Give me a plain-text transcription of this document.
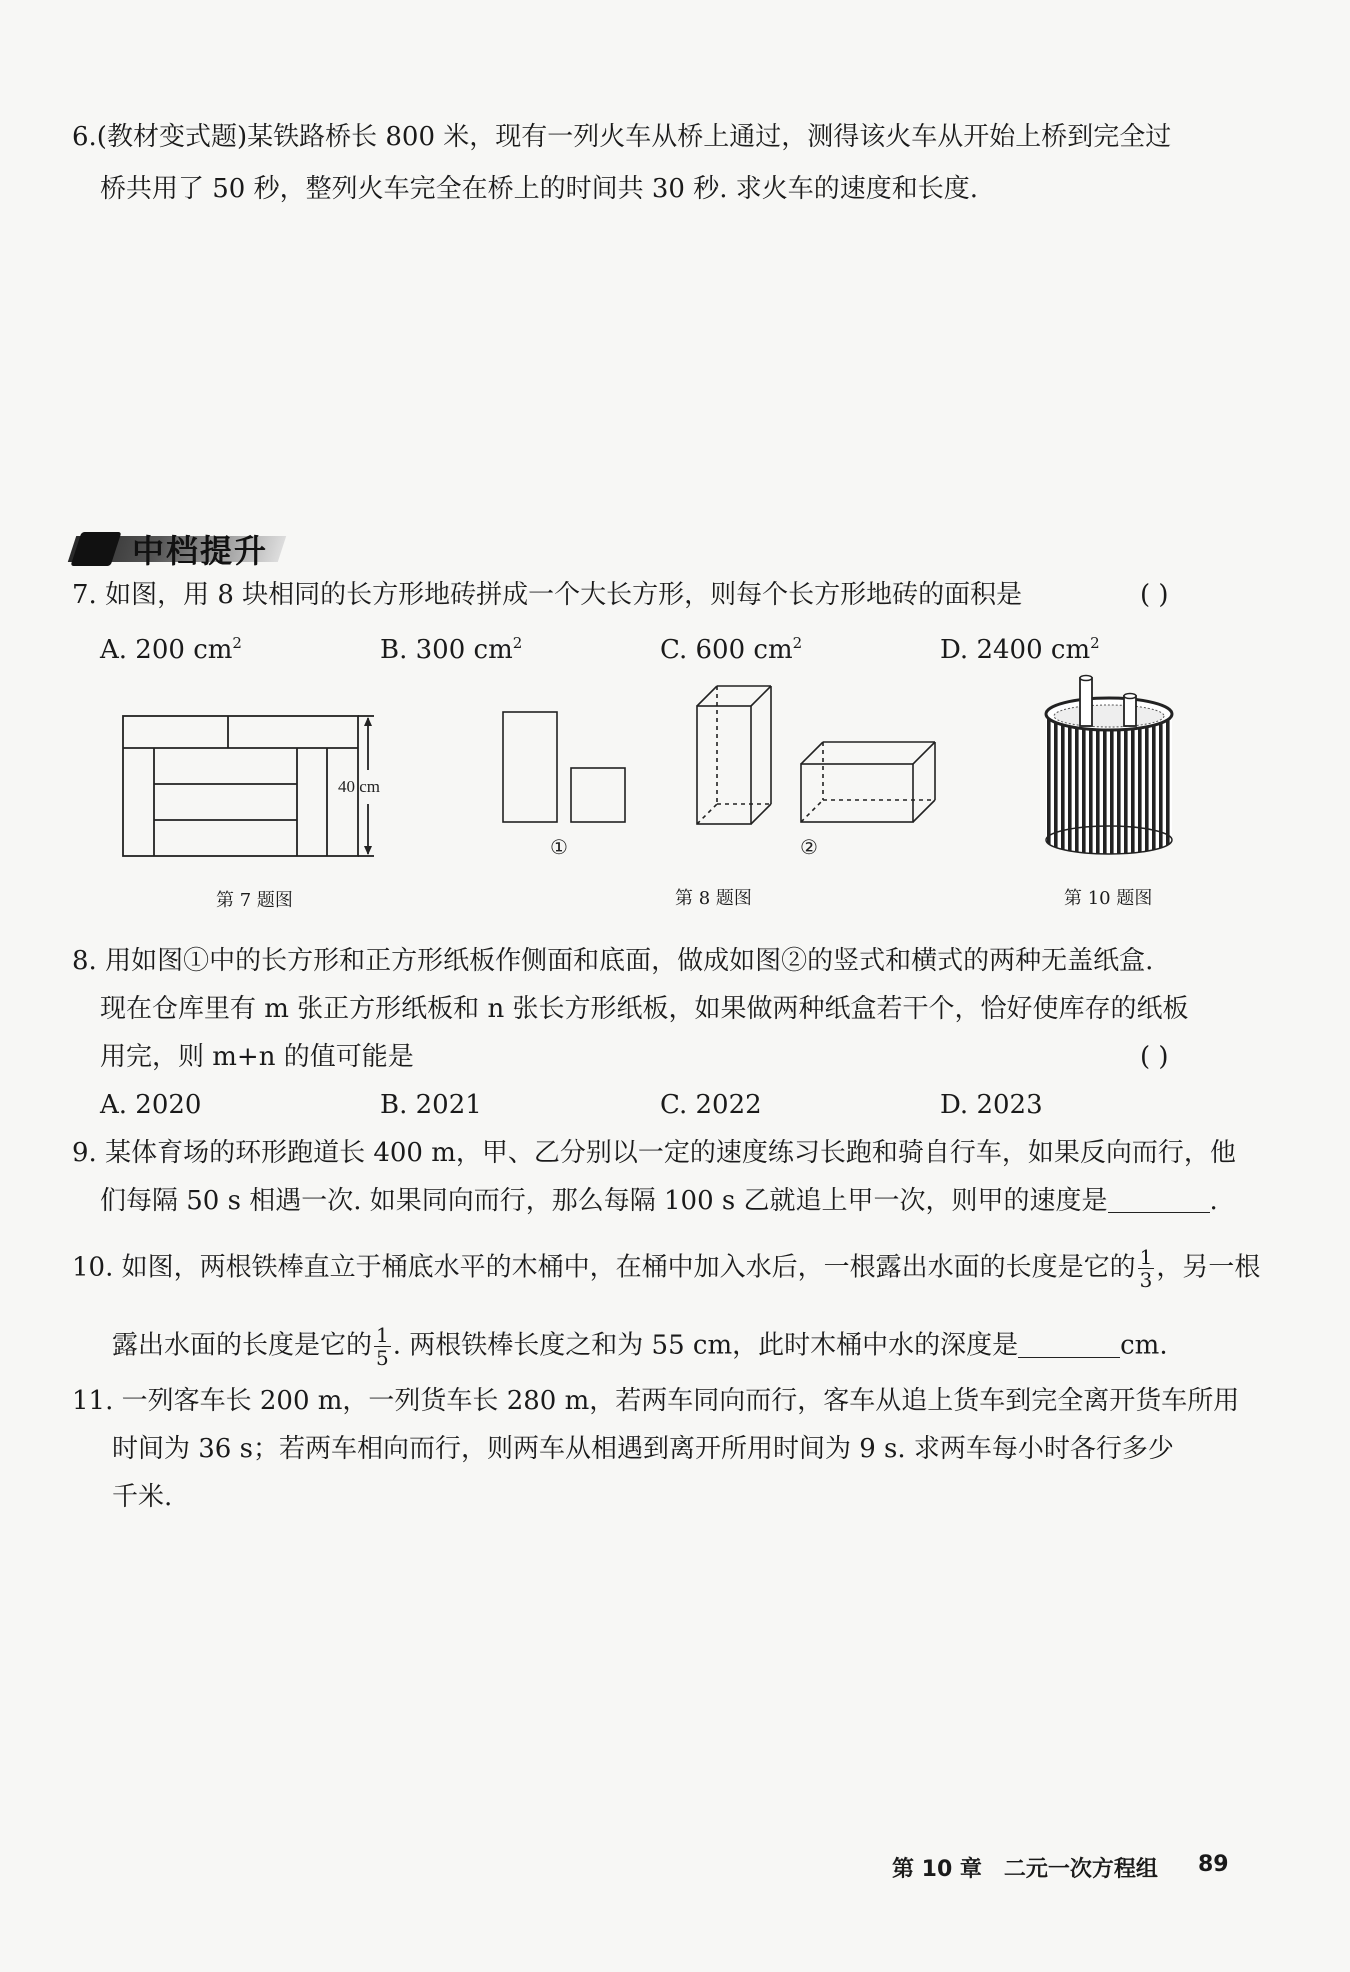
6.(教材变式题)某铁路桥长 800 米，现有一列火车从桥上通过，测得该火车从开始上桥到完全过
桥共用了 50 秒，整列火车完全在桥上的时间共 30 秒. 求火车的速度和长度.
中档提升
7. 如图，用 8 块相同的长方形地砖拼成一个大长方形，则每个长方形地砖的面积是	( )
A. 200 $cm^2$	B. 300 $cm^2$	C. 600 $cm^2$	D. 2400 $cm^2$
40 cm
第 7 题图
①	②
第 8 题图	第 10 题图
8. 用如图①中的长方形和正方形纸板作侧面和底面，做成如图②的竖式和横式的两种无盖纸盒.
现在仓库里有 m 张正方形纸板和 n 张长方形纸板，如果做两种纸盒若干个，恰好使库存的纸板
用完，则 m+n 的值可能是	( )
A. 2020	B. 2021	C. 2022	D. 2023
9. 某体育场的环形跑道长 400 m，甲、乙分别以一定的速度练习长跑和骑自行车，如果反向而行，他
们每隔 50 s 相遇一次. 如果同向而行，那么每隔 100 s 乙就追上甲一次，则甲的速度是	.
10. 如图，两根铁棒直立于桶底水平的木桶中，在桶中加入水后，一根露出水面的长度是它的 $\frac{1}{3}$ ，另一根
露出水面的长度是它的 $\frac{1}{5}$ . 两根铁棒长度之和为 55 cm，此时木桶中水的深度是	cm.
11. 一列客车长 200 m，一列货车长 280 m，若两车同向而行，客车从追上货车到完全离开货车所用
时间为 36 s；若两车相向而行，则两车从相遇到离开所用时间为 9 s. 求两车每小时各行多少
千米.
第 10 章　二元一次方程组 89
